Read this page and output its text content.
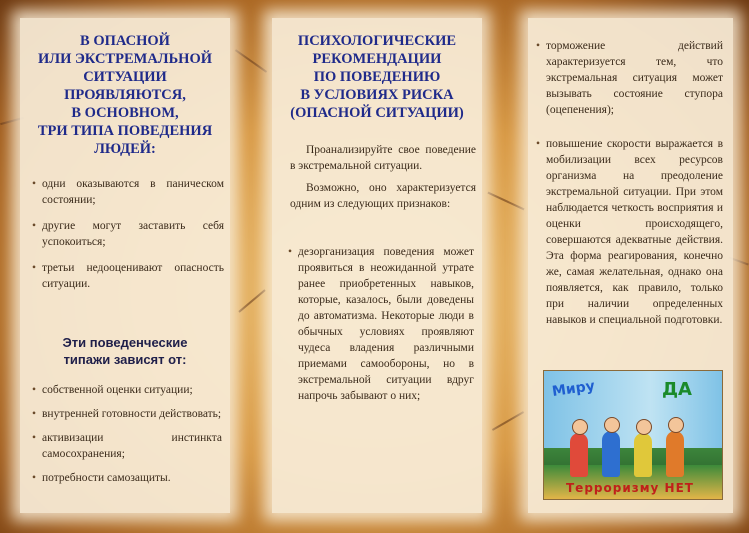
В ОПАСНОЙ
ИЛИ ЭКСТРЕМАЛЬНОЙ
СИТУАЦИИ
ПРОЯВЛЯЮТСЯ,
В ОСНОВНОМ,
ТРИ ТИПА ПОВЕДЕНИЯ
ЛЮДЕЙ:
• одни оказываются в паническом состоянии;
• другие могут заставить себя успокоиться;
• третьи недооценивают опасность ситуации.
Эти поведенческие
типажи зависят от:
• собственной оценки ситуации;
• внутренней готовности действовать;
• активизации инстинкта самосохранения;
• потребности самозащиты.
ПСИХОЛОГИЧЕСКИЕ
РЕКОМЕНДАЦИИ
ПО ПОВЕДЕНИЮ
В УСЛОВИЯХ РИСКА
(ОПАСНОЙ СИТУАЦИИ)

Проанализируйте свое поведение в экстремальной ситуации.

Возможно, оно характеризуется одним из следующих признаков:

• дезорганизация поведения может проявиться в неожиданной утрате ранее приобретенных навыков, которые, казалось, были доведены до автоматизма. Некоторые люди в обычных условиях проявляют чудеса владения различными приемами самообороны, но в экстремальной ситуации вдруг напрочь забывают о них;
• торможение действий характеризуется тем, что экстремальная ситуация может вызывать состояние ступора (оцепенения);
• повышение скорости выражается в мобилизации всех ресурсов организма на преодоление экстремальной ситуации. При этом наблюдается четкость восприятия и оценки происходящего, совершаются адекватные действия. Эта форма реагирования, конечно же, самая желательная, однако она появляется, как правило, только при наличии определенных навыков и специальной подготовки.
Миру	ДА
Терроризму НЕТ
